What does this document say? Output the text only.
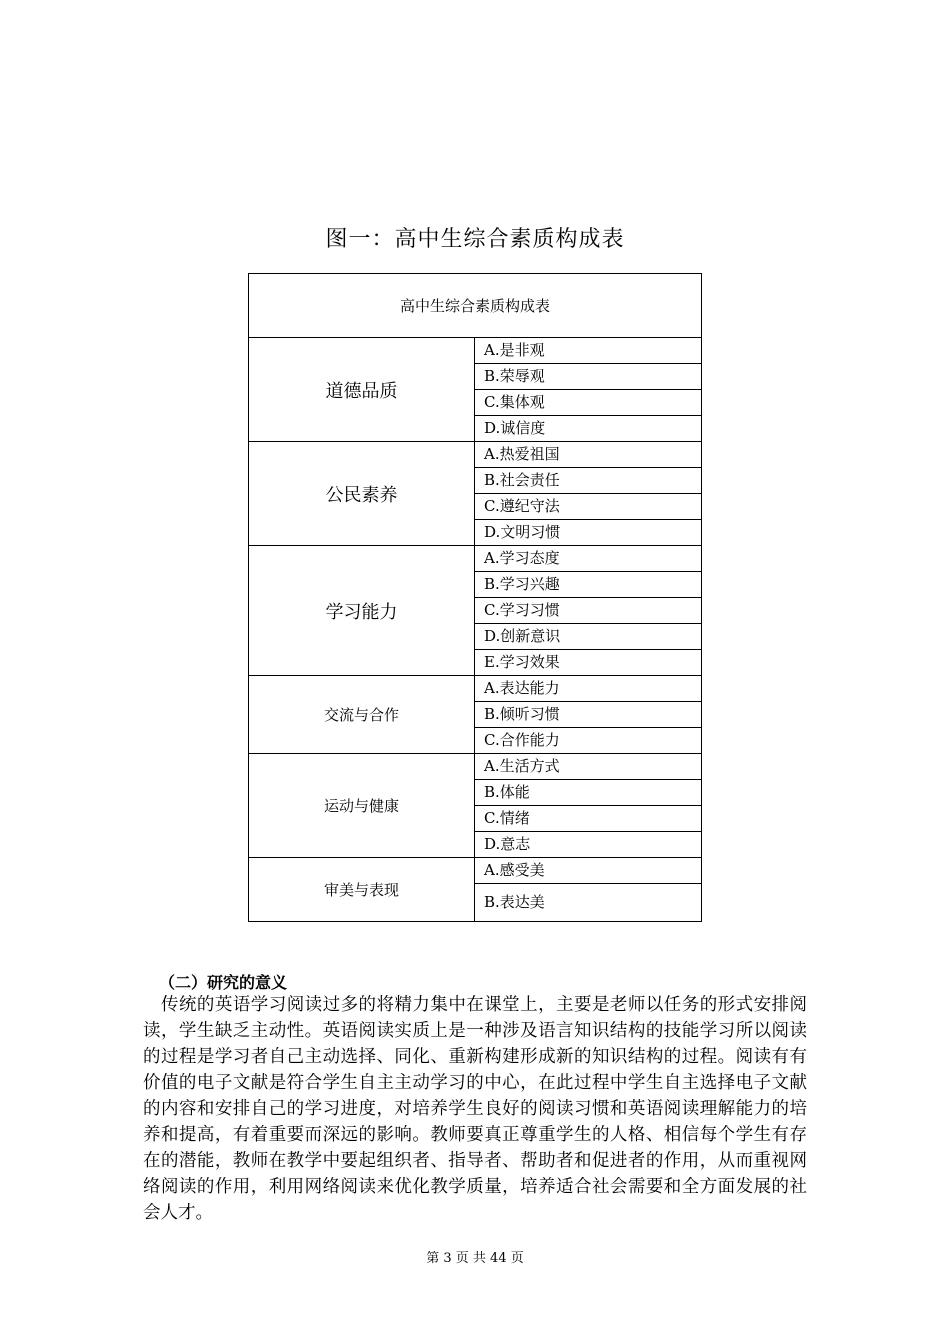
图一：高中生综合素质构成表
高中生综合素质构成表	
道德品质	A.是非观
	B.荣辱观
	C.集体观
	D.诚信度
公民素养	A.热爱祖国
	B.社会责任
	C.遵纪守法
	D.文明习惯
学习能力	A.学习态度
	B.学习兴趣
	C.学习习惯
	D.创新意识
	E.学习效果
交流与合作	A.表达能力
	B.倾听习惯
	C.合作能力
运动与健康	A.生活方式
	B.体能
	C.情绪
	D.意志
审美与表现	A.感受美
	B.表达美
（二）研究的意义
传统的英语学习阅读过多的将精力集中在课堂上，主要是老师以任务的形式安排阅读，学生缺乏主动性。英语阅读实质上是一种涉及语言知识结构的技能学习所以阅读的过程是学习者自己主动选择、同化、重新构建形成新的知识结构的过程。阅读有有价值的电子文献是符合学生自主主动学习的中心，在此过程中学生自主选择电子文献的内容和安排自己的学习进度，对培养学生良好的阅读习惯和英语阅读理解能力的培养和提高，有着重要而深远的影响。教师要真正尊重学生的人格、相信每个学生有存在的潜能，教师在教学中要起组织者、指导者、帮助者和促进者的作用，从而重视网络阅读的作用，利用网络阅读来优化教学质量，培养适合社会需要和全方面发展的社会人才。
第 3 页 共 44 页
